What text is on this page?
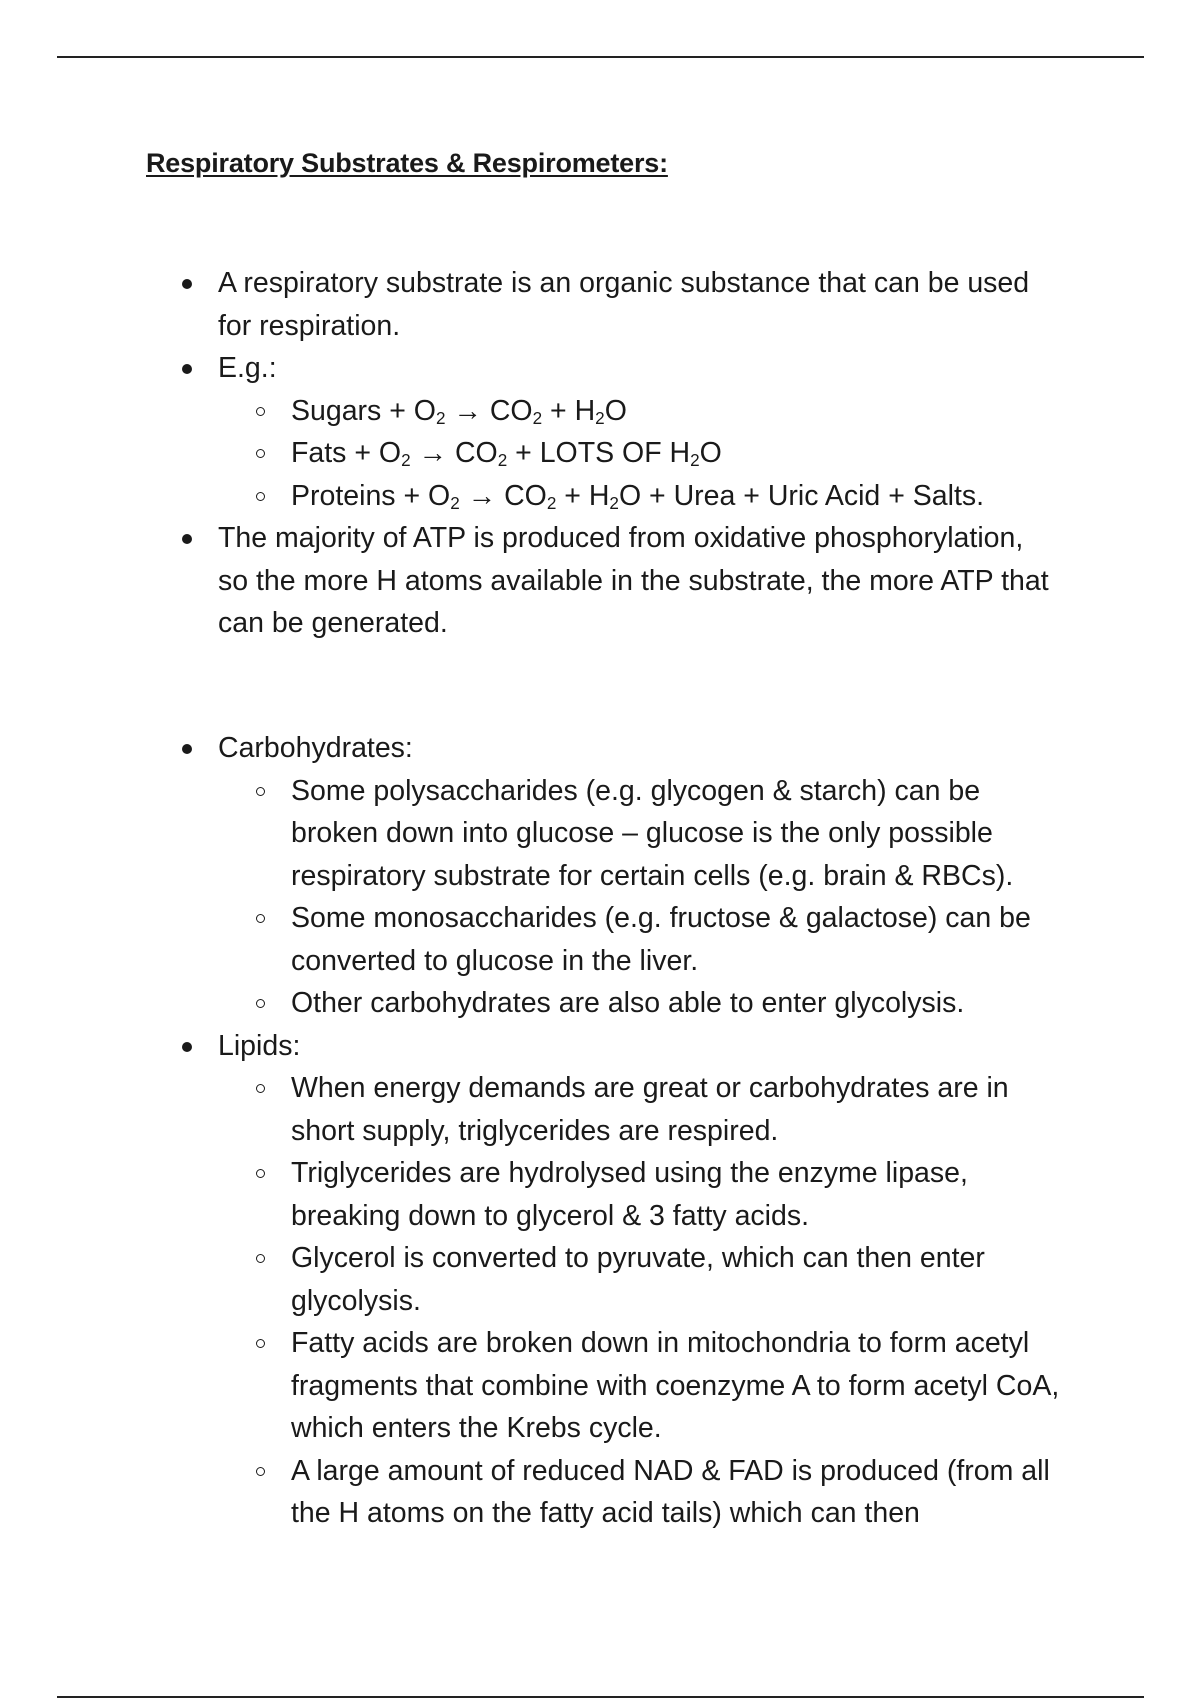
Respiratory Substrates & Respirometers:
A respiratory substrate is an organic substance that can be used for respiration.
E.g.:
Sugars + $O_2 \to CO_2 + H_2O$
Fats + $O_2 \to CO_2$ + LOTS OF $H_2O$
Proteins + $O_2 \to CO_2 + H_2O$ + Urea + Uric Acid + Salts.
The majority of ATP is produced from oxidative phosphorylation, so the more H atoms available in the substrate, the more ATP that can be generated.
Carbohydrates:
Some polysaccharides (e.g. glycogen & starch) can be broken down into glucose – glucose is the only possible respiratory substrate for certain cells (e.g. brain & RBCs).
Some monosaccharides (e.g. fructose & galactose) can be converted to glucose in the liver.
Other carbohydrates are also able to enter glycolysis.
Lipids:
When energy demands are great or carbohydrates are in short supply, triglycerides are respired.
Triglycerides are hydrolysed using the enzyme lipase, breaking down to glycerol & 3 fatty acids.
Glycerol is converted to pyruvate, which can then enter glycolysis.
Fatty acids are broken down in mitochondria to form acetyl fragments that combine with coenzyme A to form acetyl CoA, which enters the Krebs cycle.
A large amount of reduced NAD & FAD is produced (from all the H atoms on the fatty acid tails) which can then
